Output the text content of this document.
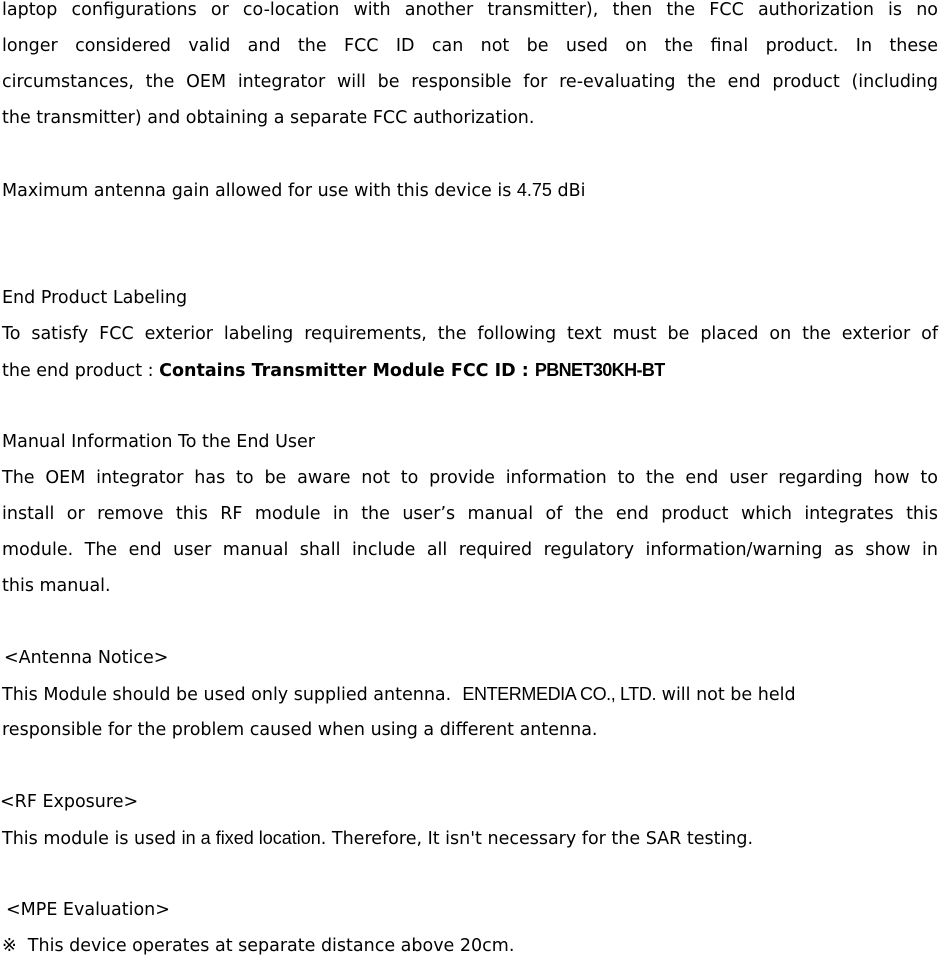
laptop configurations or co-location with another transmitter), then the FCC authorization is no
longer considered valid and the FCC ID can not be used on the final product. In these
circumstances, the OEM integrator will be responsible for re-evaluating the end product (including
the transmitter) and obtaining a separate FCC authorization.
Maximum antenna gain allowed for use with this device is 4.75 dBi
End Product Labeling
To satisfy FCC exterior labeling requirements, the following text must be placed on the exterior of
the end product : Contains Transmitter Module FCC ID : PBNET30KH-BT
Manual Information To the End User
The OEM integrator has to be aware not to provide information to the end user regarding how to
install or remove this RF module in the user’s manual of the end product which integrates this
module. The end user manual shall include all required regulatory information/warning as show in
this manual.
<Antenna Notice>
This Module should be used only supplied antenna.  ENTERMEDIA CO., LTD. will not be held
responsible for the problem caused when using a different antenna.
<RF Exposure>
This module is used in a fixed location. Therefore, It isn't necessary for the SAR testing.
<MPE Evaluation>
※  This device operates at separate distance above 20cm.
